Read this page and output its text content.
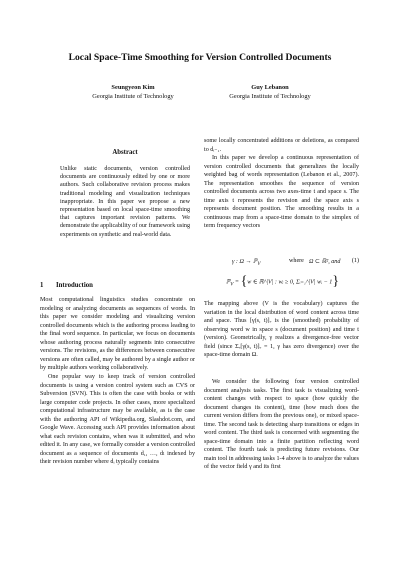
Local Space-Time Smoothing for Version Controlled Documents
Seungyeon Kim
Georgia Institute of Technology
Guy Lebanon
Georgia Institute of Technology
Abstract

Unlike static documents, version controlled documents are continuously edited by one or more authors. Such collaborative revision process makes traditional modeling and visualization techniques inappropriate. In this paper we propose a new representation based on local space-time smoothing that captures important revision patterns. We demonstrate the applicability of our framework using experiments on synthetic and real-world data.

1 Introduction

Most computational linguistics studies concentrate on modeling or analyzing documents as sequences of words. In this paper we consider modeling and visualizing version controlled documents which is the authoring process leading to the final word sequence. In particular, we focus on documents whose authoring process naturally segments into consecutive versions. The revisions, as the differences between consecutive versions are often called, may be authored by a single author or by multiple authors working collaboratively.

One popular way to keep track of version controlled documents is using a version control system such as CVS or Subversion (SVN). This is often the case with books or with large computer code projects. In other cases, more specialized computational infrastructure may be available, as is the case with the authoring API of Wikipedia.org, Slashdot.com, and Google Wave. Accessing such API provides information about what each revision contains, when was it submitted, and who edited it. In any case, we formally consider a version controlled document as a sequence of documents d₁, …, dₗ indexed by their revision number where dᵢ typically contains

some locally concentrated additions or deletions, as compared to dᵢ₋₁.

In this paper we develop a continuous representation of version controlled documents that generalizes the locally weighted bag of words representation (Lebanon et al., 2007). The representation smoothes the sequence of version controlled documents across two axes-time t and space s. The time axis t represents the revision and the space axis s represents document position. The smoothing results in a continuous map from a space-time domain to the simplex of term frequency vectors

γ : Ω → ℙ$_V$
where Ω ⊂ ℝ², and (1)
ℙ$_V$ = {w ∈ ℝ^|V| : wᵢ ≥ 0, Σᵢ₌₁^|V| wᵢ − 1}

The mapping above (V is the vocabulary) captures the variation in the local distribution of word content across time and space. Thus [γ(s, t)]ᵥ is the (smoothed) probability of observing word w in space s (document position) and time t (version). Geometrically, γ realizes a divergence-free vector field (since Σᵥ[γ(s, t)]ᵥ = 1, γ has zero divergence) over the space-time domain Ω.

We consider the following four version controlled document analysis tasks. The first task is visualizing word-content changes with respect to space (how quickly the document changes its content), time (how much does the current version differs from the previous one), or mixed space-time. The second task is detecting sharp transitions or edges in word content. The third task is concerned with segmenting the space-time domain into a finite partition reflecting word content. The fourth task is predicting future revisions. Our main tool in addressing tasks 1-4 above is to analyze the values of the vector field γ and its first
